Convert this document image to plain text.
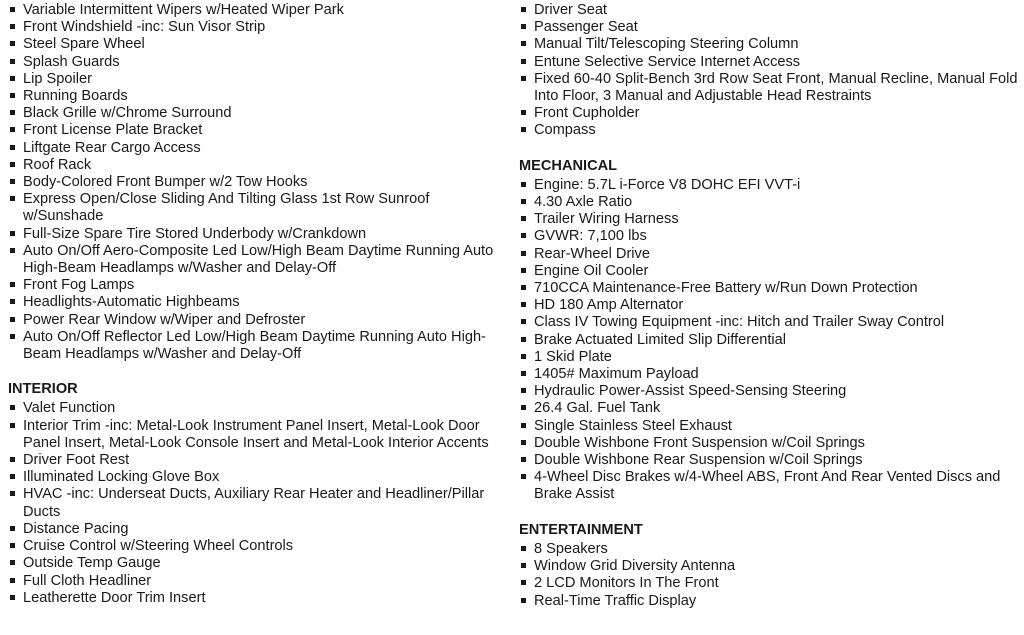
Variable Intermittent Wipers w/Heated Wiper Park
Front Windshield -inc: Sun Visor Strip
Steel Spare Wheel
Splash Guards
Lip Spoiler
Running Boards
Black Grille w/Chrome Surround
Front License Plate Bracket
Liftgate Rear Cargo Access
Roof Rack
Body-Colored Front Bumper w/2 Tow Hooks
Express Open/Close Sliding And Tilting Glass 1st Row Sunroof w/Sunshade
Full-Size Spare Tire Stored Underbody w/Crankdown
Auto On/Off Aero-Composite Led Low/High Beam Daytime Running Auto High-Beam Headlamps w/Washer and Delay-Off
Front Fog Lamps
Headlights-Automatic Highbeams
Power Rear Window w/Wiper and Defroster
Auto On/Off Reflector Led Low/High Beam Daytime Running Auto High-Beam Headlamps w/Washer and Delay-Off
INTERIOR
Valet Function
Interior Trim -inc: Metal-Look Instrument Panel Insert, Metal-Look Door Panel Insert, Metal-Look Console Insert and Metal-Look Interior Accents
Driver Foot Rest
Illuminated Locking Glove Box
HVAC -inc: Underseat Ducts, Auxiliary Rear Heater and Headliner/Pillar Ducts
Distance Pacing
Cruise Control w/Steering Wheel Controls
Outside Temp Gauge
Full Cloth Headliner
Leatherette Door Trim Insert
Driver Seat
Passenger Seat
Manual Tilt/Telescoping Steering Column
Entune Selective Service Internet Access
Fixed 60-40 Split-Bench 3rd Row Seat Front, Manual Recline, Manual Fold Into Floor, 3 Manual and Adjustable Head Restraints
Front Cupholder
Compass
MECHANICAL
Engine: 5.7L i-Force V8 DOHC EFI VVT-i
4.30 Axle Ratio
Trailer Wiring Harness
GVWR: 7,100 lbs
Rear-Wheel Drive
Engine Oil Cooler
710CCA Maintenance-Free Battery w/Run Down Protection
HD 180 Amp Alternator
Class IV Towing Equipment -inc: Hitch and Trailer Sway Control
Brake Actuated Limited Slip Differential
1 Skid Plate
1405# Maximum Payload
Hydraulic Power-Assist Speed-Sensing Steering
26.4 Gal. Fuel Tank
Single Stainless Steel Exhaust
Double Wishbone Front Suspension w/Coil Springs
Double Wishbone Rear Suspension w/Coil Springs
4-Wheel Disc Brakes w/4-Wheel ABS, Front And Rear Vented Discs and Brake Assist
ENTERTAINMENT
8 Speakers
Window Grid Diversity Antenna
2 LCD Monitors In The Front
Real-Time Traffic Display
